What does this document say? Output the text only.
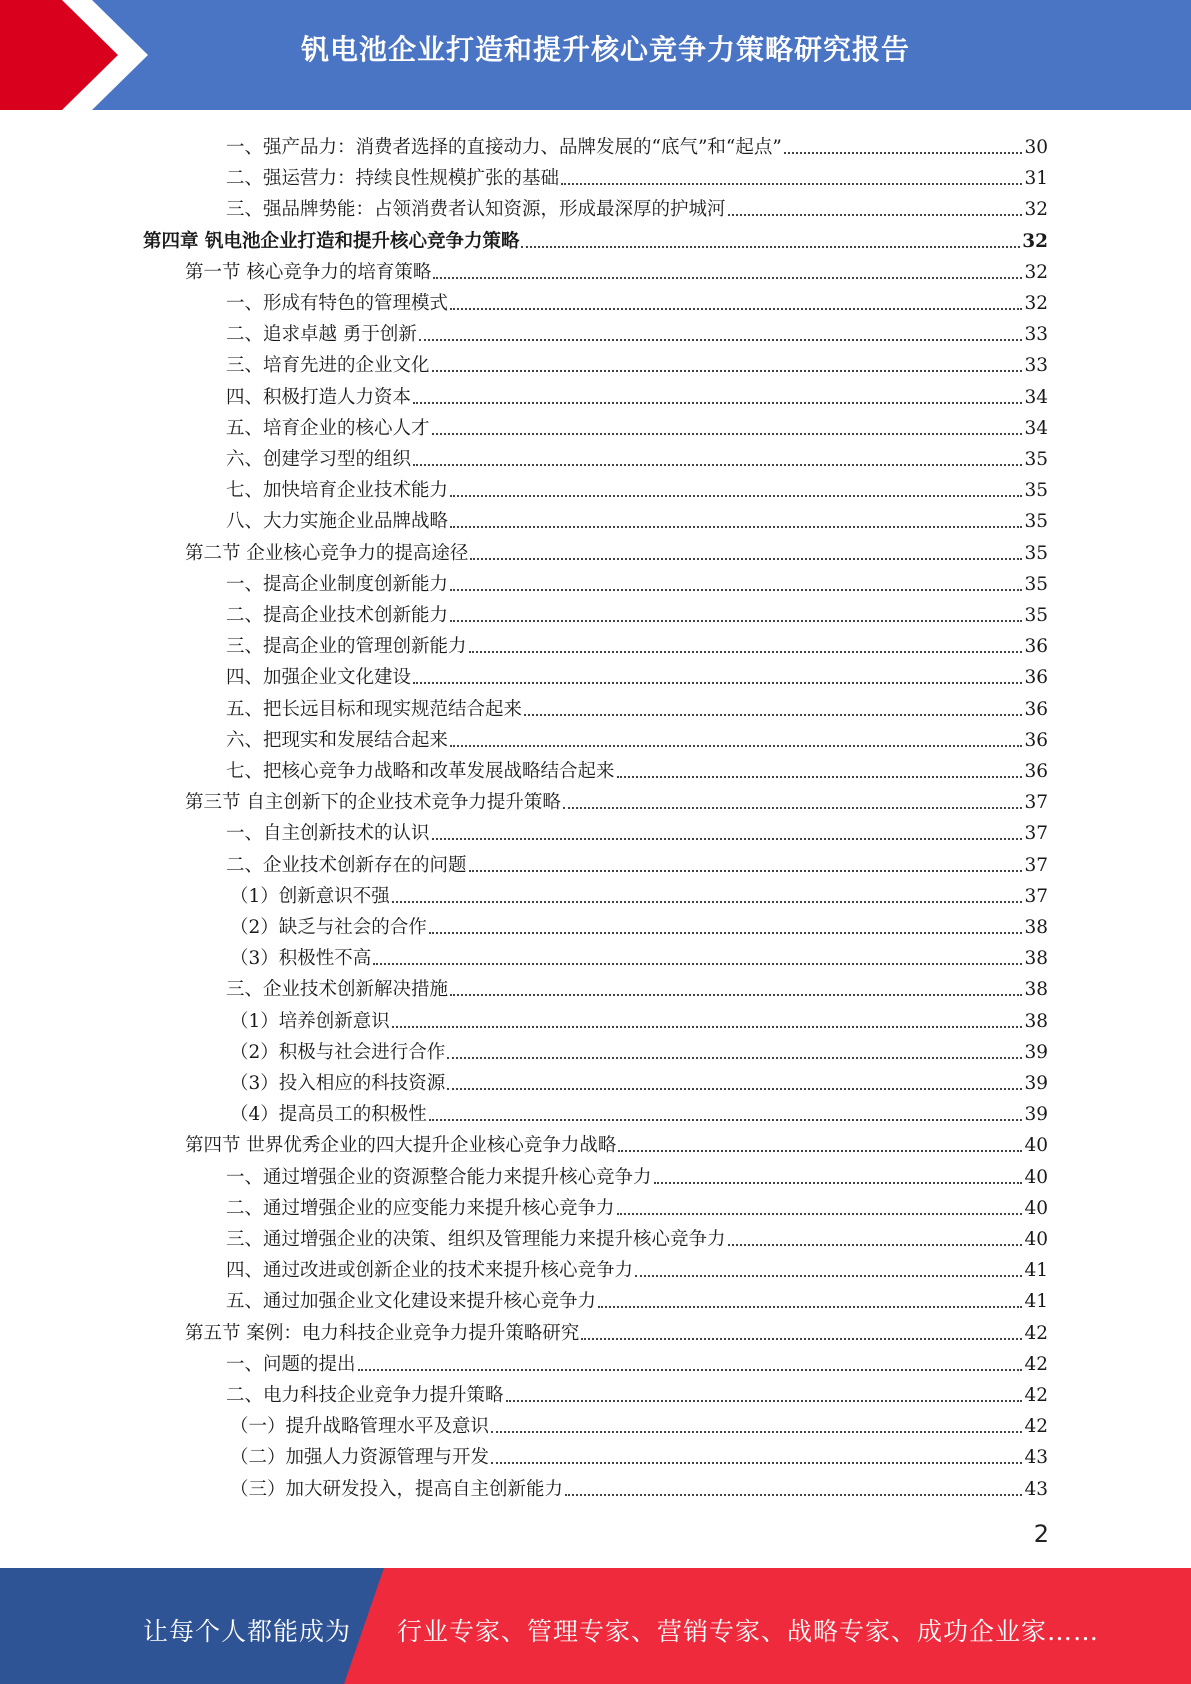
钒电池企业打造和提升核心竞争力策略研究报告
一、强产品力：消费者选择的直接动力、品牌发展的“底气”和“起点”	30
二、强运营力：持续良性规模扩张的基础	31
三、强品牌势能：占领消费者认知资源，形成最深厚的护城河	32
第四章 钒电池企业打造和提升核心竞争力策略	32
第一节 核心竞争力的培育策略	32
一、形成有特色的管理模式	32
二、追求卓越 勇于创新	33
三、培育先进的企业文化	33
四、积极打造人力资本	34
五、培育企业的核心人才	34
六、创建学习型的组织	35
七、加快培育企业技术能力	35
八、大力实施企业品牌战略	35
第二节 企业核心竞争力的提高途径	35
一、提高企业制度创新能力	35
二、提高企业技术创新能力	35
三、提高企业的管理创新能力	36
四、加强企业文化建设	36
五、把长远目标和现实规范结合起来	36
六、把现实和发展结合起来	36
七、把核心竞争力战略和改革发展战略结合起来	36
第三节 自主创新下的企业技术竞争力提升策略	37
一、自主创新技术的认识	37
二、企业技术创新存在的问题	37
（1）创新意识不强	37
（2）缺乏与社会的合作	38
（3）积极性不高	38
三、企业技术创新解决措施	38
（1）培养创新意识	38
（2）积极与社会进行合作	39
（3）投入相应的科技资源	39
（4）提高员工的积极性	39
第四节 世界优秀企业的四大提升企业核心竞争力战略	40
一、通过增强企业的资源整合能力来提升核心竞争力	40
二、通过增强企业的应变能力来提升核心竞争力	40
三、通过增强企业的决策、组织及管理能力来提升核心竞争力	40
四、通过改进或创新企业的技术来提升核心竞争力	41
五、通过加强企业文化建设来提升核心竞争力	41
第五节 案例：电力科技企业竞争力提升策略研究	42
一、问题的提出	42
二、电力科技企业竞争力提升策略	42
（一）提升战略管理水平及意识	42
（二）加强人力资源管理与开发	43
（三）加大研发投入，提高自主创新能力	43
2
让每个人都能成为 行业专家、管理专家、营销专家、战略专家、成功企业家……
